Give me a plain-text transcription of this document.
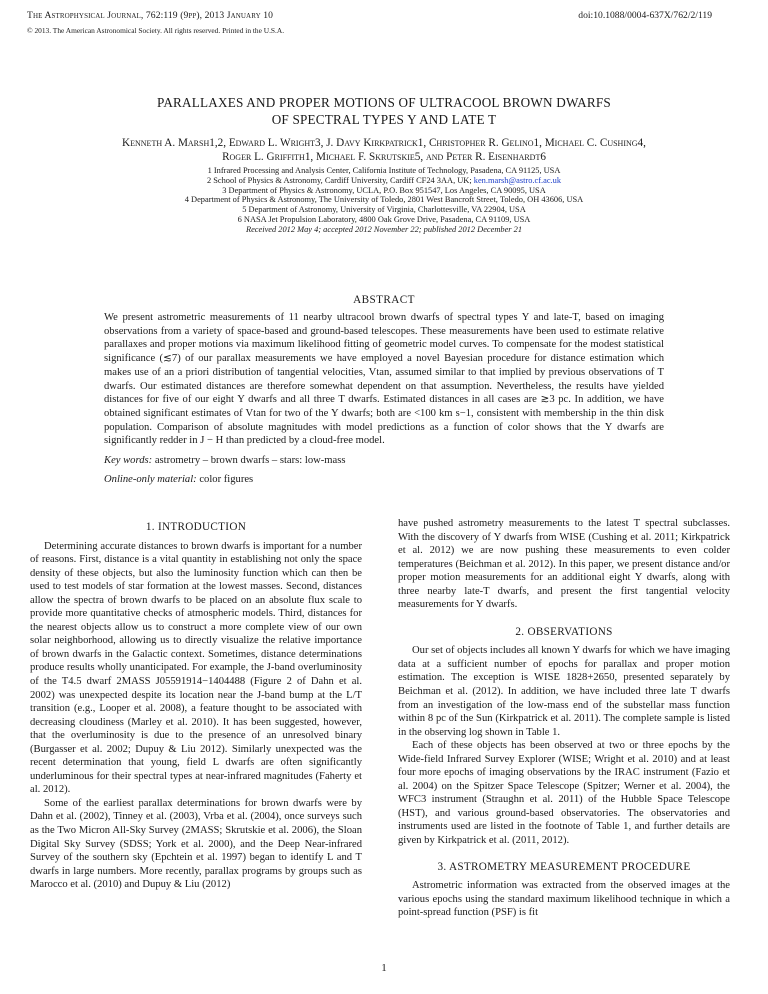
The Astrophysical Journal, 762:119 (9pp), 2013 January 10	doi:10.1088/0004-637X/762/2/119
© 2013. The American Astronomical Society. All rights reserved. Printed in the U.S.A.
PARALLAXES AND PROPER MOTIONS OF ULTRACOOL BROWN DWARFS
OF SPECTRAL TYPES Y AND LATE T
Kenneth A. Marsh1,2, Edward L. Wright3, J. Davy Kirkpatrick1, Christopher R. Gelino1, Michael C. Cushing4,
Roger L. Griffith1, Michael F. Skrutskie5, and Peter R. Eisenhardt6
1 Infrared Processing and Analysis Center, California Institute of Technology, Pasadena, CA 91125, USA
2 School of Physics & Astronomy, Cardiff University, Cardiff CF24 3AA, UK; ken.marsh@astro.cf.ac.uk
3 Department of Physics & Astronomy, UCLA, P.O. Box 951547, Los Angeles, CA 90095, USA
4 Department of Physics & Astronomy, The University of Toledo, 2801 West Bancroft Street, Toledo, OH 43606, USA
5 Department of Astronomy, University of Virginia, Charlottesville, VA 22904, USA
6 NASA Jet Propulsion Laboratory, 4800 Oak Grove Drive, Pasadena, CA 91109, USA
Received 2012 May 4; accepted 2012 November 22; published 2012 December 21
ABSTRACT
We present astrometric measurements of 11 nearby ultracool brown dwarfs of spectral types Y and late-T, based on imaging observations from a variety of space-based and ground-based telescopes. These measurements have been used to estimate relative parallaxes and proper motions via maximum likelihood fitting of geometric model curves. To compensate for the modest statistical significance (≲7) of our parallax measurements we have employed a novel Bayesian procedure for distance estimation which makes use of an a priori distribution of tangential velocities, Vtan, assumed similar to that implied by previous observations of T dwarfs. Our estimated distances are therefore somewhat dependent on that assumption. Nevertheless, the results have yielded distances for five of our eight Y dwarfs and all three T dwarfs. Estimated distances in all cases are ≳3 pc. In addition, we have obtained significant estimates of Vtan for two of the Y dwarfs; both are <100 km s−1, consistent with membership in the thin disk population. Comparison of absolute magnitudes with model predictions as a function of color shows that the Y dwarfs are significantly redder in J − H than predicted by a cloud-free model.
Key words: astrometry – brown dwarfs – stars: low-mass
Online-only material: color figures
1. INTRODUCTION

Determining accurate distances to brown dwarfs is important for a number of reasons. First, distance is a vital quantity in establishing not only the space density of these objects, but also the luminosity function which can then be used to test models of star formation at the lowest masses. Second, distances allow the spectra of brown dwarfs to be placed on an absolute flux scale to provide more quantitative checks of atmospheric models. Third, distances for the nearest objects allow us to construct a more complete view of our own solar neighborhood, allowing us to directly visualize the relative importance of brown dwarfs in the Galactic context. Sometimes, distance determinations produce results wholly unanticipated. For example, the J-band overluminosity of the T4.5 dwarf 2MASS J05591914−1404488 (Figure 2 of Dahn et al. 2002) was unexpected despite its location near the J-band bump at the L/T transition (e.g., Looper et al. 2008), a feature thought to be associated with decreasing cloudiness (Marley et al. 2010). It has been suggested, however, that the overluminosity is due to the presence of an unresolved binary (Burgasser et al. 2002; Dupuy & Liu 2012). Similarly unexpected was the recent determination that young, field L dwarfs are often significantly underluminous for their spectral types at near-infrared magnitudes (Faherty et al. 2012).

Some of the earliest parallax determinations for brown dwarfs were by Dahn et al. (2002), Tinney et al. (2003), Vrba et al. (2004), once surveys such as the Two Micron All-Sky Survey (2MASS; Skrutskie et al. 2006), the Sloan Digital Sky Survey (SDSS; York et al. 2000), and the Deep Near-infrared Survey of the southern sky (Epchtein et al. 1997) began to identify L and T dwarfs in large numbers. More recently, parallax programs by groups such as Marocco et al. (2010) and Dupuy & Liu (2012)

have pushed astrometry measurements to the latest T spectral subclasses. With the discovery of Y dwarfs from WISE (Cushing et al. 2011; Kirkpatrick et al. 2012) we are now pushing these measurements to even colder temperatures (Beichman et al. 2012). In this paper, we present distance and/or proper motion measurements for an additional eight Y dwarfs, along with three nearby late-T dwarfs, and present the first tangential velocity measurements for Y dwarfs.

2. OBSERVATIONS

Our set of objects includes all known Y dwarfs for which we have imaging data at a sufficient number of epochs for parallax and proper motion estimation. The exception is WISE 1828+2650, presented separately by Beichman et al. (2012). In addition, we have included three late T dwarfs from an investigation of the low-mass end of the substellar mass function within 8 pc of the Sun (Kirkpatrick et al. 2011). The complete sample is listed in the observing log shown in Table 1.

Each of these objects has been observed at two or three epochs by the Wide-field Infrared Survey Explorer (WISE; Wright et al. 2010) and at least four more epochs of imaging observations by the IRAC instrument (Fazio et al. 2004) on the Spitzer Space Telescope (Spitzer; Werner et al. 2004), the WFC3 instrument (Straughn et al. 2011) of the Hubble Space Telescope (HST), and various ground-based observatories. The observatories and instruments used are listed in the footnote of Table 1, and further details are given by Kirkpatrick et al. (2011, 2012).

3. ASTROMETRY MEASUREMENT PROCEDURE

Astrometric information was extracted from the observed images at the various epochs using the standard maximum likelihood technique in which a point-spread function (PSF) is fit

1
